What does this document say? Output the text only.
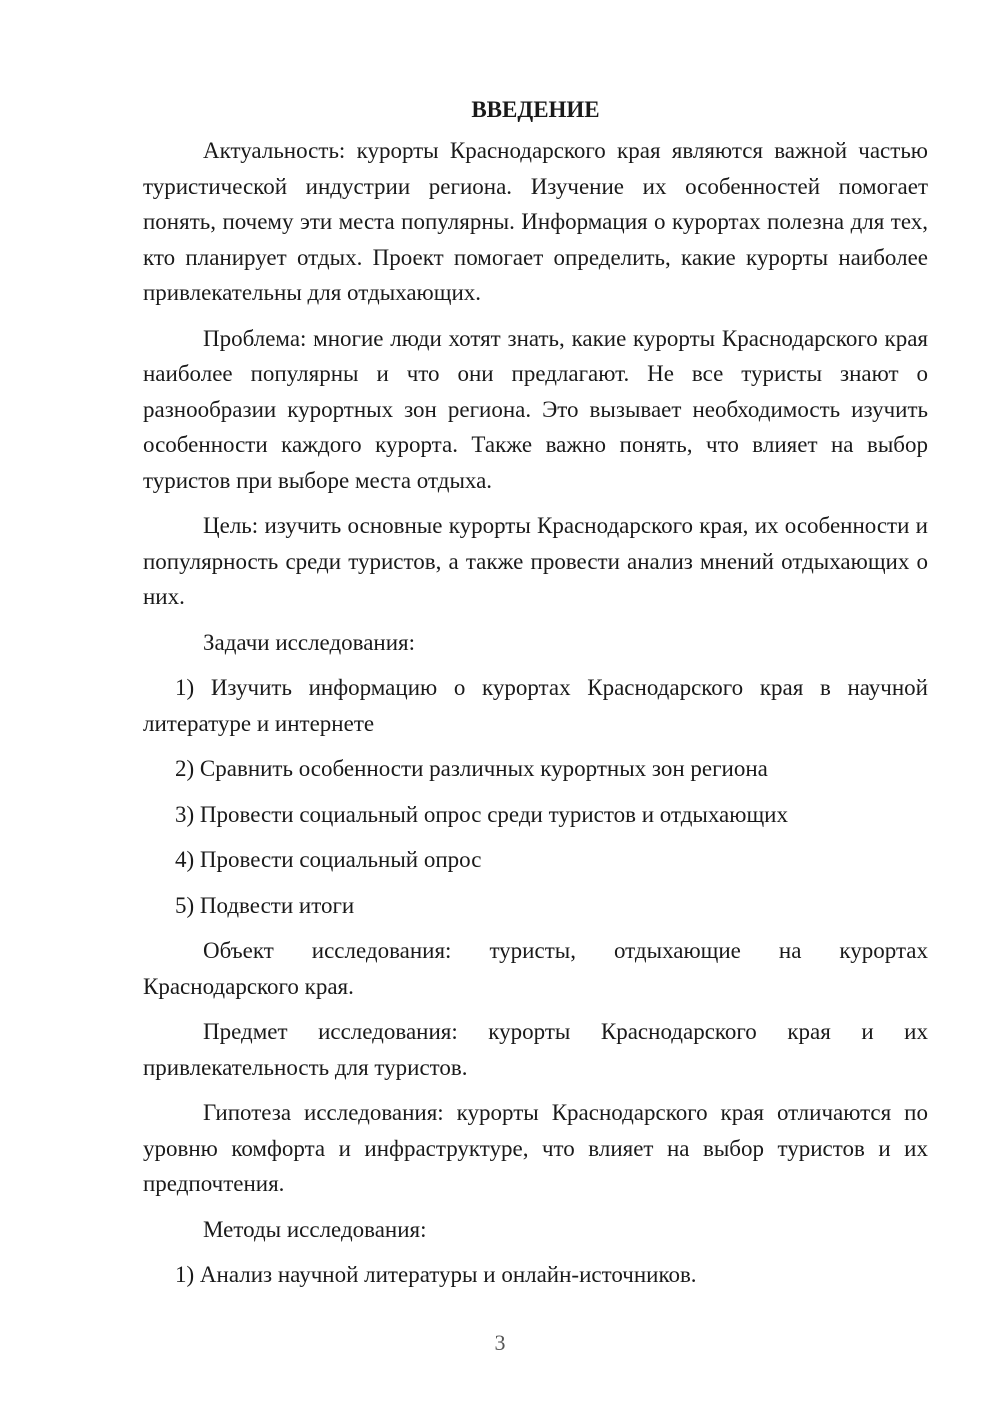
ВВЕДЕНИЕ

Актуальность: курорты Краснодарского края являются важной частью туристической индустрии региона. Изучение их особенностей помогает понять, почему эти места популярны. Информация о курортах полезна для тех, кто планирует отдых. Проект помогает определить, какие курорты наиболее привлекательны для отдыхающих.

Проблема: многие люди хотят знать, какие курорты Краснодарского края наиболее популярны и что они предлагают. Не все туристы знают о разнообразии курортных зон региона. Это вызывает необходимость изучить особенности каждого курорта. Также важно понять, что влияет на выбор туристов при выборе места отдыха.

Цель: изучить основные курорты Краснодарского края, их особенности и популярность среди туристов, а также провести анализ мнений отдыхающих о них.

Задачи исследования:

1) Изучить информацию о курортах Краснодарского края в научной литературе и интернете

2) Сравнить особенности различных курортных зон региона

3) Провести социальный опрос среди туристов и отдыхающих

4) Провести социальный опрос

5) Подвести итоги

Объект исследования: туристы, отдыхающие на курортах Краснодарского края.

Предмет исследования: курорты Краснодарского края и их привлекательность для туристов.

Гипотеза исследования: курорты Краснодарского края отличаются по уровню комфорта и инфраструктуре, что влияет на выбор туристов и их предпочтения.

Методы исследования:

1) Анализ научной литературы и онлайн-источников.

3
